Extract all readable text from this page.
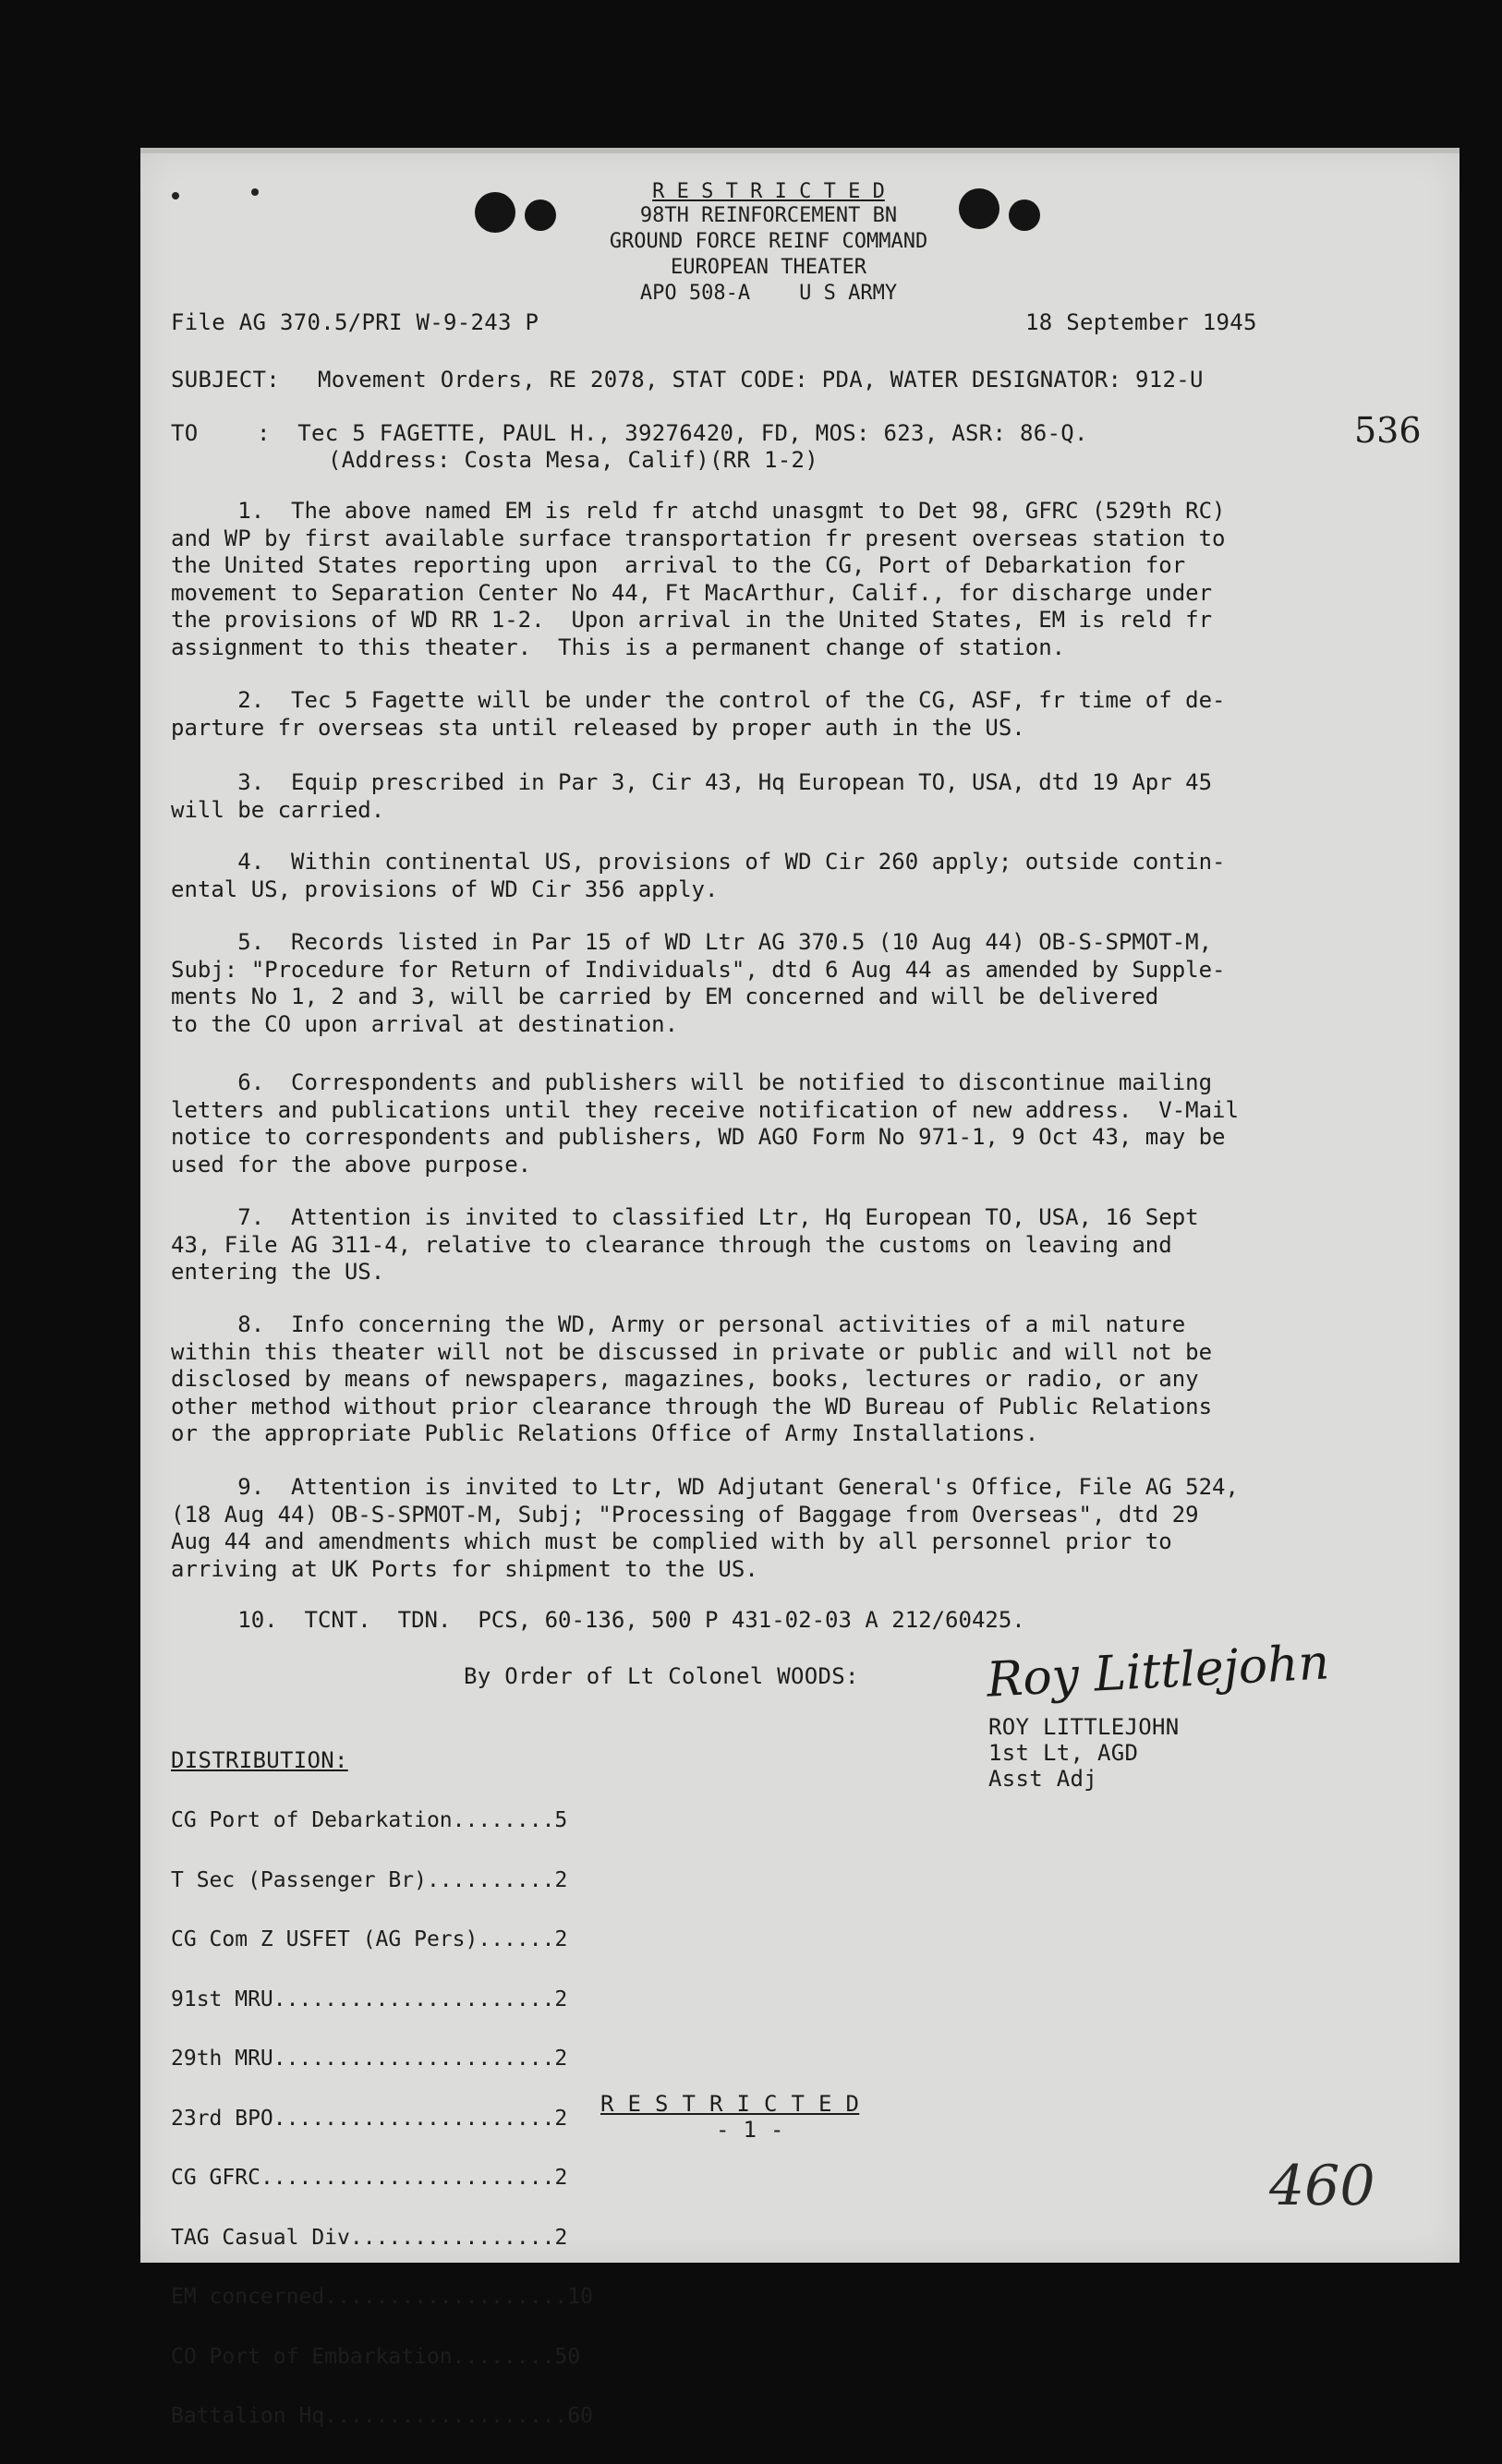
R E S T R I C T E D
98TH REINFORCEMENT BN
GROUND FORCE REINF COMMAND
EUROPEAN THEATER
APO 508-A    U S ARMY
File AG 370.5/PRI W-9-243 P	18 September 1945
SUBJECT: Movement Orders, RE 2078, STAT CODE: PDA, WATER DESIGNATOR: 912-U
TO	:  Tec 5 FAGETTE, PAUL H., 39276420, FD, MOS: 623, ASR: 86-Q.
(Address: Costa Mesa, Calif)(RR 1-2)
536
1.  The above named EM is reld fr atchd unasgmt to Det 98, GFRC (529th RC)
and WP by first available surface transportation fr present overseas station to
the United States reporting upon  arrival to the CG, Port of Debarkation for
movement to Separation Center No 44, Ft MacArthur, Calif., for discharge under
the provisions of WD RR 1-2.  Upon arrival in the United States, EM is reld fr
assignment to this theater.  This is a permanent change of station.
2.  Tec 5 Fagette will be under the control of the CG, ASF, fr time of de-
parture fr overseas sta until released by proper auth in the US.
3.  Equip prescribed in Par 3, Cir 43, Hq European TO, USA, dtd 19 Apr 45
will be carried.
4.  Within continental US, provisions of WD Cir 260 apply; outside contin-
ental US, provisions of WD Cir 356 apply.
5.  Records listed in Par 15 of WD Ltr AG 370.5 (10 Aug 44) OB-S-SPMOT-M,
Subj: "Procedure for Return of Individuals", dtd 6 Aug 44 as amended by Supple-
ments No 1, 2 and 3, will be carried by EM concerned and will be delivered
to the CO upon arrival at destination.
6.  Correspondents and publishers will be notified to discontinue mailing
letters and publications until they receive notification of new address.  V-Mail
notice to correspondents and publishers, WD AGO Form No 971-1, 9 Oct 43, may be
used for the above purpose.
7.  Attention is invited to classified Ltr, Hq European TO, USA, 16 Sept
43, File AG 311-4, relative to clearance through the customs on leaving and
entering the US.
8.  Info concerning the WD, Army or personal activities of a mil nature
within this theater will not be discussed in private or public and will not be
disclosed by means of newspapers, magazines, books, lectures or radio, or any
other method without prior clearance through the WD Bureau of Public Relations
or the appropriate Public Relations Office of Army Installations.
9.  Attention is invited to Ltr, WD Adjutant General's Office, File AG 524,
(18 Aug 44) OB-S-SPMOT-M, Subj; "Processing of Baggage from Overseas", dtd 29
Aug 44 and amendments which must be complied with by all personnel prior to
arriving at UK Ports for shipment to the US.
10.  TCNT.  TDN.  PCS, 60-136, 500 P 431-02-03 A 212/60425.
By Order of Lt Colonel WOODS:	Roy Littlejohn
ROY LITTLEJOHN
1st Lt, AGD
Asst Adj
DISTRIBUTION:

CG Port of Debarkation........5

T Sec (Passenger Br)..........2

CG Com Z USFET (AG Pers)......2

91st MRU......................2

29th MRU......................2

23rd BPO......................2

CG GFRC.......................2

TAG Casual Div................2

EM concerned...................10

CO Port of Embarkation........50

Battalion Hq...................60

R E S T R I C T E D
- 1 -
460
